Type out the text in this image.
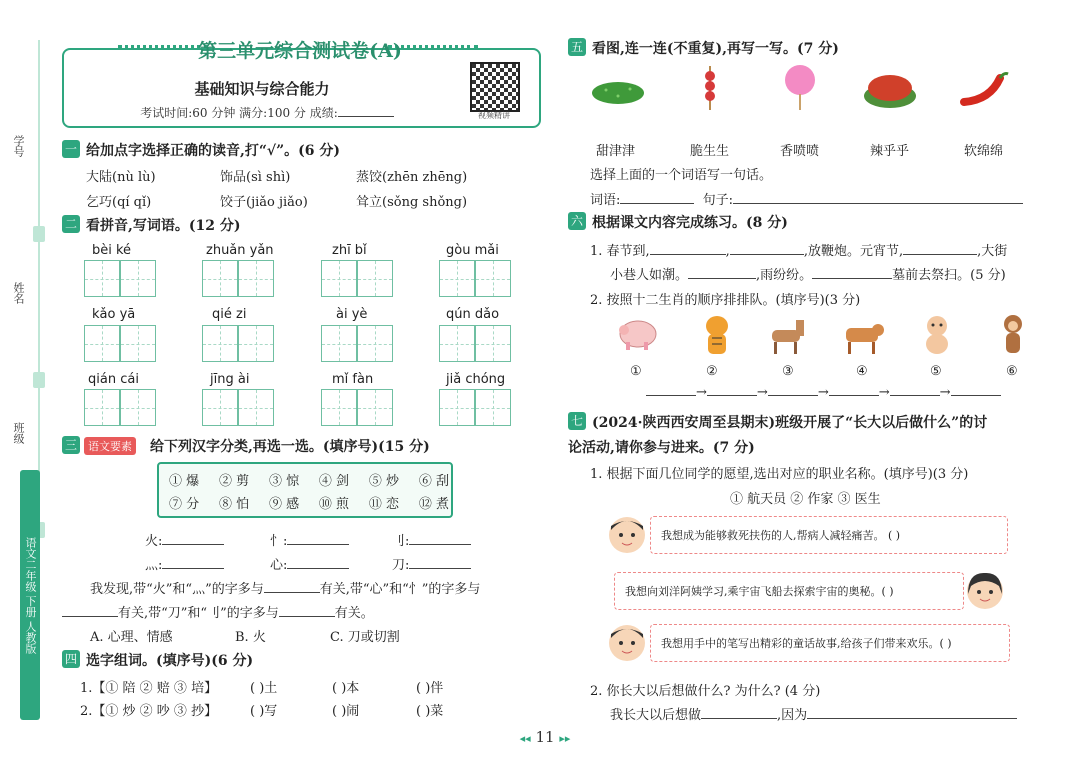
学号
姓名
班级
语文二年级 下册 人教版
第三单元综合测试卷(A)
基础知识与综合能力
考试时间:60 分钟 满分:100 分 成绩:	视频精讲
一 给加点字选择正确的读音,打“√”。(6 分)
大陆(nù lù)	饰品(sì shì)	蒸饺(zhēn zhēng)
乞巧(qí qǐ)	饺子(jiǎo jiǎo)	耸立(sǒng shǒng)
二 看拼音,写词语。(12 分)
bèi ké	zhuǎn yǎn	zhī bǐ	gòu mǎi
kǎo yā	qié zi	ài yè	qún dǎo
qián cái	jīng ài	mǐ fàn	jiǎ chóng
三	语文要素 给下列汉字分类,再选一选。(填序号)(15 分)
① 爆 ② 剪 ③ 惊 ④ 剑 ⑤ 炒 ⑥ 刮
⑦ 分 ⑧ 怕 ⑨ 感 ⑩ 煎 ⑪ 恋 ⑫ 煮
火:	忄:	刂:
灬:	心:	刀:
我发现,带“火”和“灬”的字多与	有关,带“心”和“忄”的字多与
有关,带“刀”和“刂”的字多与	有关。
A. 心理、情感	B. 火	C. 刀或切割
四 选字组词。(填序号)(6 分)
1.【① 陪 ② 赔 ③ 培】	( )土	( )本	( )伴
2.【① 炒 ② 吵 ③ 抄】	( )写	( )闹	( )菜
五 看图,连一连(不重复),再写一写。(7 分)
甜津津	脆生生	香喷喷	辣乎乎	软绵绵
选择上面的一个词语写一句话。
词语:	句子:
六 根据课文内容完成练习。(8 分)
1. 春节到,	,	,放鞭炮。元宵节,	,大街
小巷人如潮。	,雨纷纷。	墓前去祭扫。(5 分)
2. 按照十二生肖的顺序排排队。(填序号)(3 分)
①	②	③	④	⑤	⑥
→	→	→	→	→
七 (2024·陕西西安周至县期末)班级开展了“长大以后做什么”的讨
论活动,请你参与进来。(7 分)
1. 根据下面几位同学的愿望,选出对应的职业名称。(填序号)(3 分)
① 航天员 ② 作家 ③ 医生
我想成为能够救死扶伤的人,帮病人减轻痛苦。 ( )
我想向刘洋阿姨学习,乘宇宙飞船去探索宇宙的奥秘。( )
我想用手中的笔写出精彩的童话故事,给孩子们带来欢乐。( )
2. 你长大以后想做什么? 为什么? (4 分)
我长大以后想做	,因为
◂◂ 11 ▸▸
